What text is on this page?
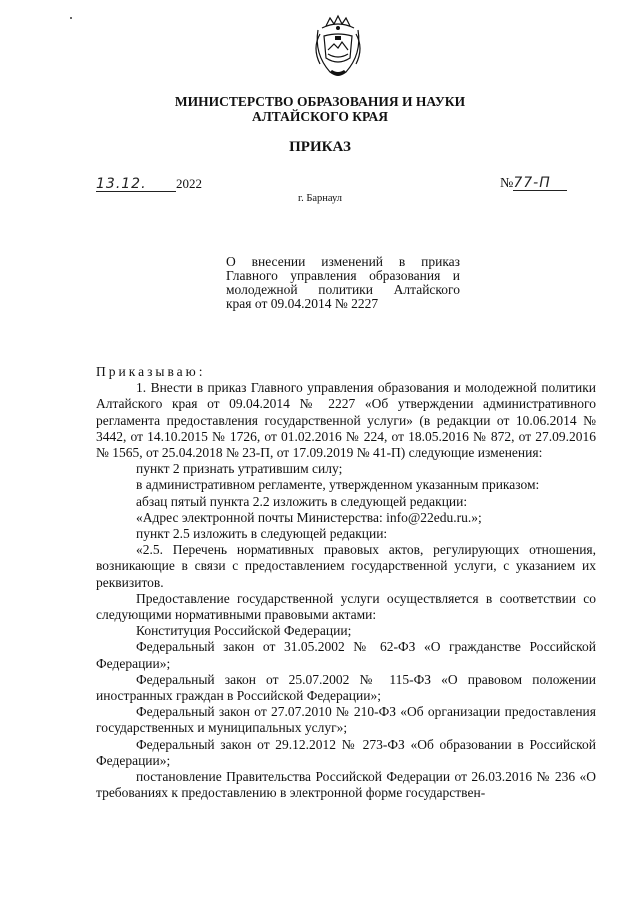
МИНИСТЕРСТВО ОБРАЗОВАНИЯ И НАУКИ
АЛТАЙСКОГО КРАЯ
ПРИКАЗ
13.12. 2022	№77-П
г. Барнаул
О внесении изменений в приказ
Главного управления образования и
молодежной политики Алтайского
края от 09.04.2014 № 2227

Приказываю:

1. Внести в приказ Главного управления образования и молодежной политики Алтайского края от 09.04.2014 № 2227 «Об утверждении административного регламента предоставления государственной услуги» (в редакции от 10.06.2014 № 3442, от 14.10.2015 № 1726, от 01.02.2016 № 224, от 18.05.2016 № 872, от 27.09.2016 № 1565, от 25.04.2018 № 23-П, от 17.09.2019 № 41-П) следующие изменения:

пункт 2 признать утратившим силу;

в административном регламенте, утвержденном указанным приказом:

абзац пятый пункта 2.2 изложить в следующей редакции:

«Адрес электронной почты Министерства: info@22edu.ru.»;

пункт 2.5 изложить в следующей редакции:

«2.5. Перечень нормативных правовых актов, регулирующих отношения, возникающие в связи с предоставлением государственной услуги, с указанием их реквизитов.

Предоставление государственной услуги осуществляется в соответствии со следующими нормативными правовыми актами:

Конституция Российской Федерации;

Федеральный закон от 31.05.2002 № 62-ФЗ «О гражданстве Российской Федерации»;

Федеральный закон от 25.07.2002 № 115-ФЗ «О правовом положении иностранных граждан в Российской Федерации»;

Федеральный закон от 27.07.2010 № 210-ФЗ «Об организации предоставления государственных и муниципальных услуг»;

Федеральный закон от 29.12.2012 № 273-ФЗ «Об образовании в Российской Федерации»;

постановление Правительства Российской Федерации от 26.03.2016 № 236 «О требованиях к предоставлению в электронной форме государствен-
